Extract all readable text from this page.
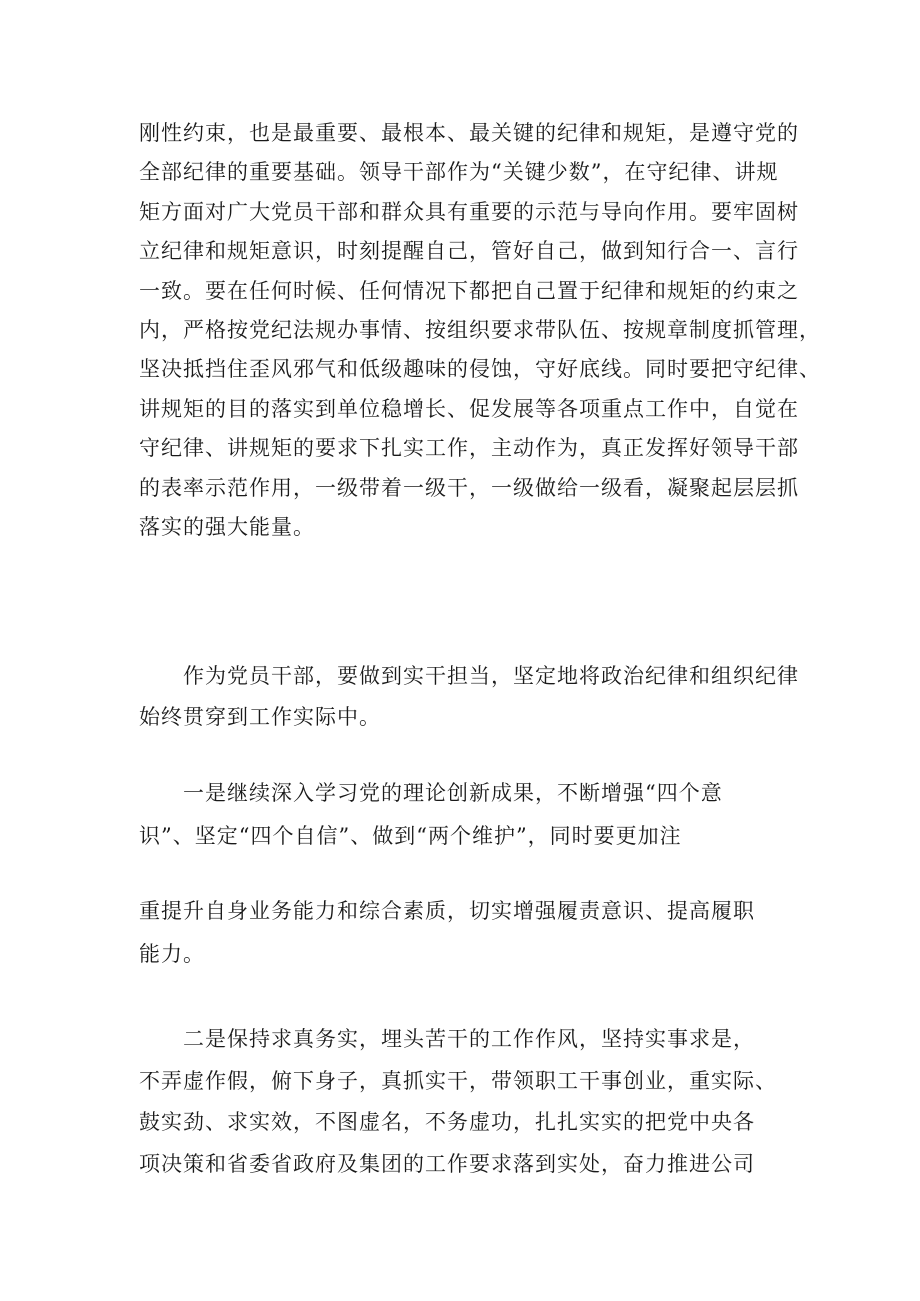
刚性约束，也是最重要、最根本、最关键的纪律和规矩，是遵守党的
全部纪律的重要基础。领导干部作为“关键少数”，在守纪律、讲规
矩方面对广大党员干部和群众具有重要的示范与导向作用。要牢固树
立纪律和规矩意识，时刻提醒自己，管好自己，做到知行合一、言行
一致。要在任何时候、任何情况下都把自己置于纪律和规矩的约束之
内，严格按党纪法规办事情、按组织要求带队伍、按规章制度抓管理，
坚决抵挡住歪风邪气和低级趣味的侵蚀，守好底线。同时要把守纪律、
讲规矩的目的落实到单位稳增长、促发展等各项重点工作中，自觉在
守纪律、讲规矩的要求下扎实工作，主动作为，真正发挥好领导干部
的表率示范作用，一级带着一级干，一级做给一级看，凝聚起层层抓
落实的强大能量。

作为党员干部，要做到实干担当，坚定地将政治纪律和组织纪律
始终贯穿到工作实际中。

一是继续深入学习党的理论创新成果，不断增强“四个意
识”、坚定“四个自信”、做到“两个维护”，同时要更加注
重提升自身业务能力和综合素质，切实增强履责意识、提高履职
能力。

二是保持求真务实，埋头苦干的工作作风，坚持实事求是，
不弄虚作假，俯下身子，真抓实干，带领职工干事创业，重实际、
鼓实劲、求实效，不图虚名，不务虚功，扎扎实实的把党中央各
项决策和省委省政府及集团的工作要求落到实处，奋力推进公司
